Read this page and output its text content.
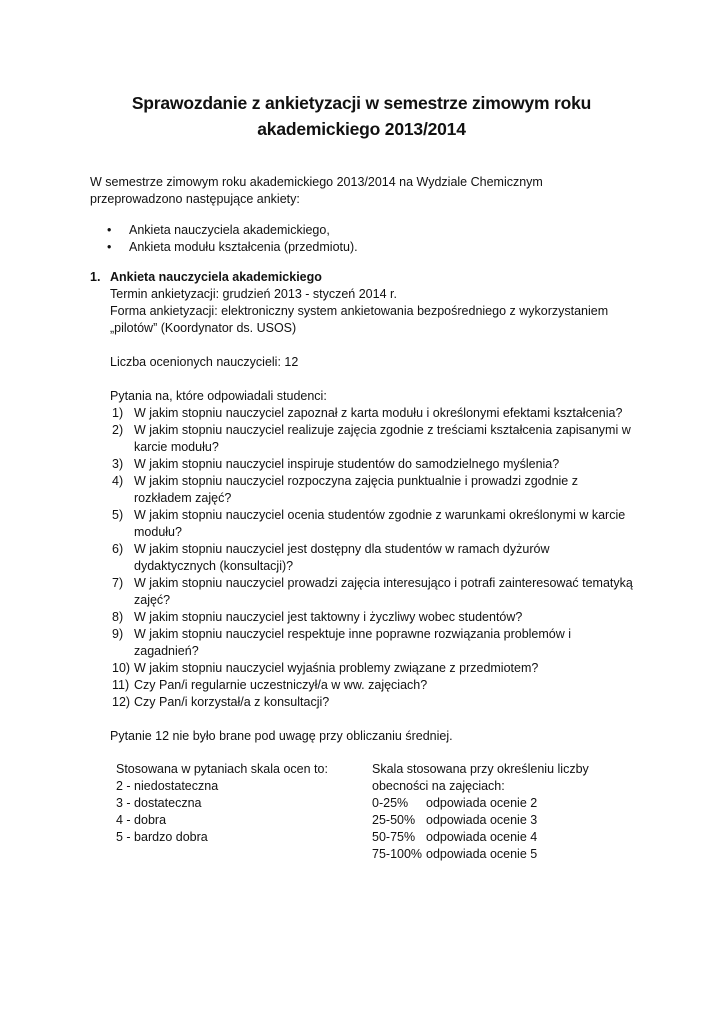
Sprawozdanie z ankietyzacji w semestrze zimowym roku akademickiego 2013/2014

W semestrze zimowym roku akademickiego 2013/2014 na Wydziale Chemicznym przeprowadzono następujące ankiety:

• Ankieta nauczyciela akademickiego,
• Ankieta modułu kształcenia (przedmiotu).
1. Ankieta nauczyciela akademickiego
Termin ankietyzacji: grudzień 2013 - styczeń 2014 r.
Forma ankietyzacji: elektroniczny system ankietowania bezpośredniego z wykorzystaniem „pilotów” (Koordynator ds. USOS)
Liczba ocenionych nauczycieli: 12
Pytania na, które odpowiadali studenci:
1) W jakim stopniu nauczyciel zapoznał z karta modułu i określonymi efektami kształcenia?
2) W jakim stopniu nauczyciel realizuje zajęcia zgodnie z treściami kształcenia zapisanymi w karcie modułu?
3) W jakim stopniu nauczyciel inspiruje studentów do samodzielnego myślenia?
4) W jakim stopniu nauczyciel rozpoczyna zajęcia punktualnie i prowadzi zgodnie z rozkładem zajęć?
5) W jakim stopniu nauczyciel ocenia studentów zgodnie z warunkami określonymi w karcie modułu?
6) W jakim stopniu nauczyciel jest dostępny dla studentów w ramach dyżurów dydaktycznych (konsultacji)?
7) W jakim stopniu nauczyciel prowadzi zajęcia interesująco i potrafi zainteresować tematyką zajęć?
8) W jakim stopniu nauczyciel jest taktowny i życzliwy wobec studentów?
9) W jakim stopniu nauczyciel respektuje inne poprawne rozwiązania problemów i zagadnień?
10) W jakim stopniu nauczyciel wyjaśnia problemy związane z przedmiotem?
11) Czy Pan/i regularnie uczestniczył/a w ww. zajęciach?
12) Czy Pan/i korzystał/a z konsultacji?
Pytanie 12 nie było brane pod uwagę przy obliczaniu średniej.
Stosowana w pytaniach skala ocen to:
2 - niedostateczna
3 - dostateczna
4 - dobra
5 - bardzo dobra
Skala stosowana przy określeniu liczby obecności na zajęciach:
0-25%	odpowiada ocenie 2
25-50% odpowiada ocenie 3
50-75% odpowiada ocenie 4
75-100% odpowiada ocenie 5
